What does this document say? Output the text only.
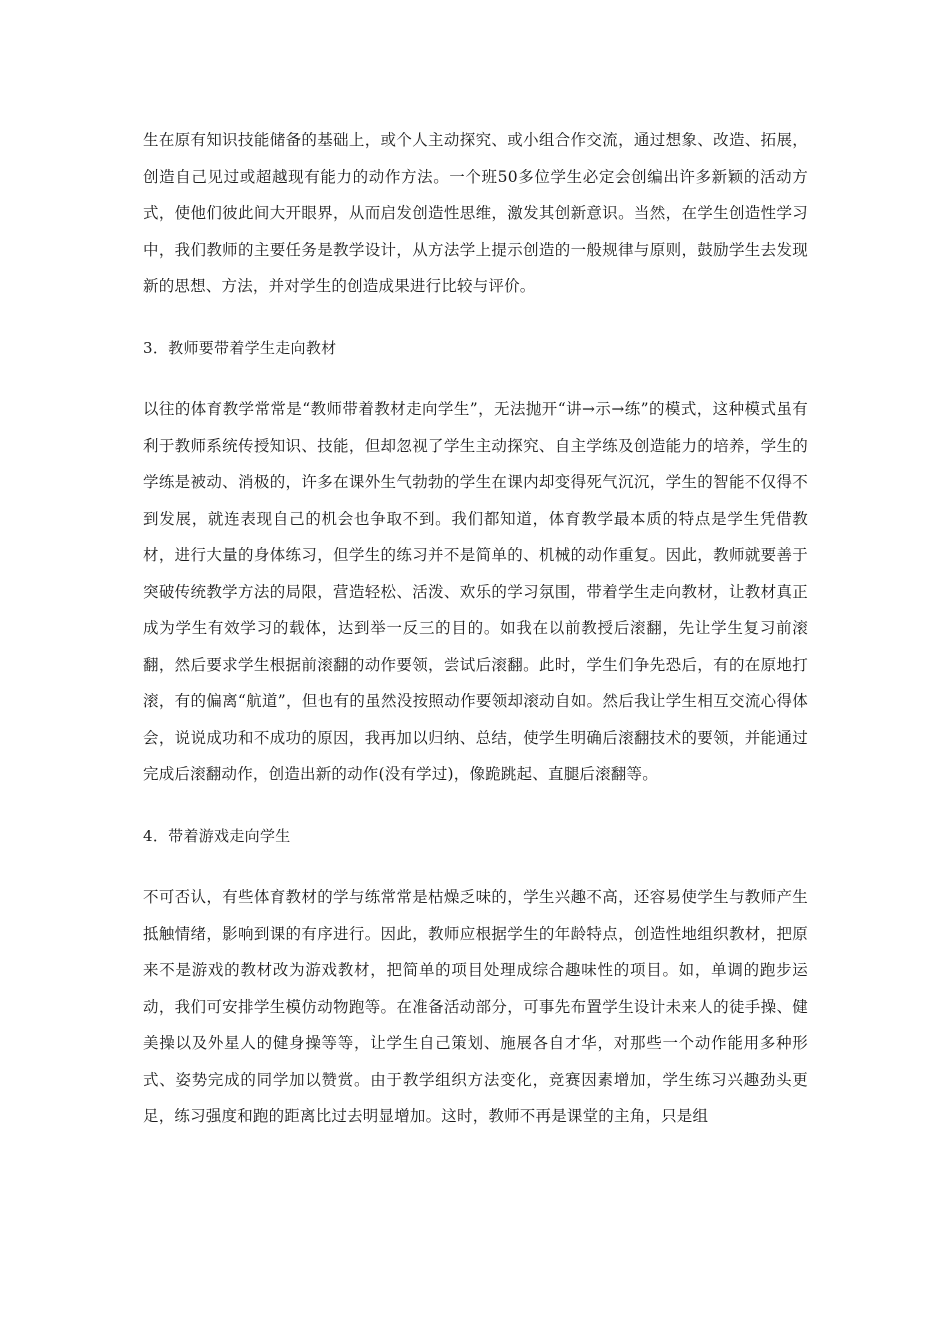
生在原有知识技能储备的基础上，或个人主动探究、或小组合作交流，通过想象、改造、拓展，创造自己见过或超越现有能力的动作方法。一个班50多位学生必定会创编出许多新颖的活动方式，使他们彼此间大开眼界，从而启发创造性思维，激发其创新意识。当然，在学生创造性学习中，我们教师的主要任务是教学设计，从方法学上提示创造的一般规律与原则，鼓励学生去发现新的思想、方法，并对学生的创造成果进行比较与评价。

3．教师要带着学生走向教材

以往的体育教学常常是“教师带着教材走向学生”，无法抛开“讲→示→练”的模式，这种模式虽有利于教师系统传授知识、技能，但却忽视了学生主动探究、自主学练及创造能力的培养，学生的学练是被动、消极的，许多在课外生气勃勃的学生在课内却变得死气沉沉，学生的智能不仅得不到发展，就连表现自己的机会也争取不到。我们都知道，体育教学最本质的特点是学生凭借教材，进行大量的身体练习，但学生的练习并不是简单的、机械的动作重复。因此，教师就要善于突破传统教学方法的局限，营造轻松、活泼、欢乐的学习氛围，带着学生走向教材，让教材真正成为学生有效学习的载体，达到举一反三的目的。如我在以前教授后滚翻，先让学生复习前滚翻，然后要求学生根据前滚翻的动作要领，尝试后滚翻。此时，学生们争先恐后，有的在原地打滚，有的偏离“航道”，但也有的虽然没按照动作要领却滚动自如。然后我让学生相互交流心得体会，说说成功和不成功的原因，我再加以归纳、总结，使学生明确后滚翻技术的要领，并能通过完成后滚翻动作，创造出新的动作(没有学过)，像跪跳起、直腿后滚翻等。

4．带着游戏走向学生

不可否认，有些体育教材的学与练常常是枯燥乏味的，学生兴趣不高，还容易使学生与教师产生抵触情绪，影响到课的有序进行。因此，教师应根据学生的年龄特点，创造性地组织教材，把原来不是游戏的教材改为游戏教材，把简单的项目处理成综合趣味性的项目。如，单调的跑步运动，我们可安排学生模仿动物跑等。在准备活动部分，可事先布置学生设计未来人的徒手操、健美操以及外星人的健身操等等，让学生自己策划、施展各自才华，对那些一个动作能用多种形式、姿势完成的同学加以赞赏。由于教学组织方法变化，竞赛因素增加，学生练习兴趣劲头更足，练习强度和跑的距离比过去明显增加。这时，教师不再是课堂的主角，只是组
